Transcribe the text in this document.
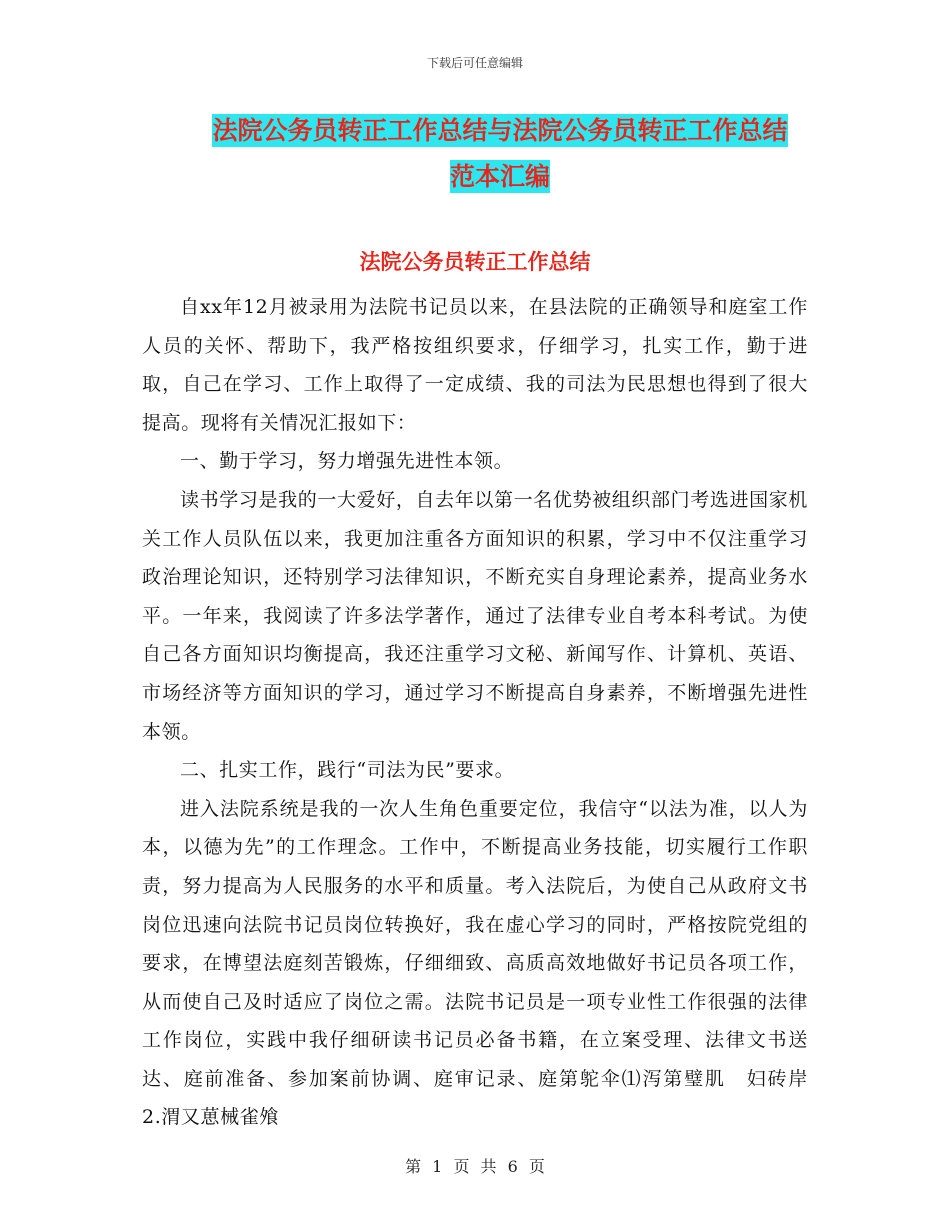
下载后可任意编辑
法院公务员转正工作总结与法院公务员转正工作总结
范本汇编
法院公务员转正工作总结

自xx年12月被录用为法院书记员以来，在县法院的正确领导和庭室工作人员的关怀、帮助下，我严格按组织要求，仔细学习，扎实工作，勤于进取，自己在学习、工作上取得了一定成绩、我的司法为民思想也得到了很大提高。现将有关情况汇报如下：

一、勤于学习，努力增强先进性本领。

读书学习是我的一大爱好，自去年以第一名优势被组织部门考选进国家机关工作人员队伍以来，我更加注重各方面知识的积累，学习中不仅注重学习政治理论知识，还特别学习法律知识，不断充实自身理论素养，提高业务水平。一年来，我阅读了许多法学著作，通过了法律专业自考本科考试。为使自己各方面知识均衡提高，我还注重学习文秘、新闻写作、计算机、英语、市场经济等方面知识的学习，通过学习不断提高自身素养，不断增强先进性本领。

二、扎实工作，践行“司法为民”要求。

进入法院系统是我的一次人生角色重要定位，我信守“以法为准，以人为本，以德为先”的工作理念。工作中，不断提高业务技能，切实履行工作职责，努力提高为人民服务的水平和质量。考入法院后，为使自己从政府文书岗位迅速向法院书记员岗位转换好，我在虚心学习的同时，严格按院党组的要求，在博望法庭刻苦锻炼，仔细细致、高质高效地做好书记员各项工作，从而使自己及时适应了岗位之需。法院书记员是一项专业性工作很强的法律工作岗位，实践中我仔细研读书记员必备书籍，在立案受理、法律文书送达、庭前准备、参加案前协调、庭审记录、庭第鸵伞⑴泻第璧肌　妇砖岸　2.渭又葸械雀飧

第 1 页 共 6 页
